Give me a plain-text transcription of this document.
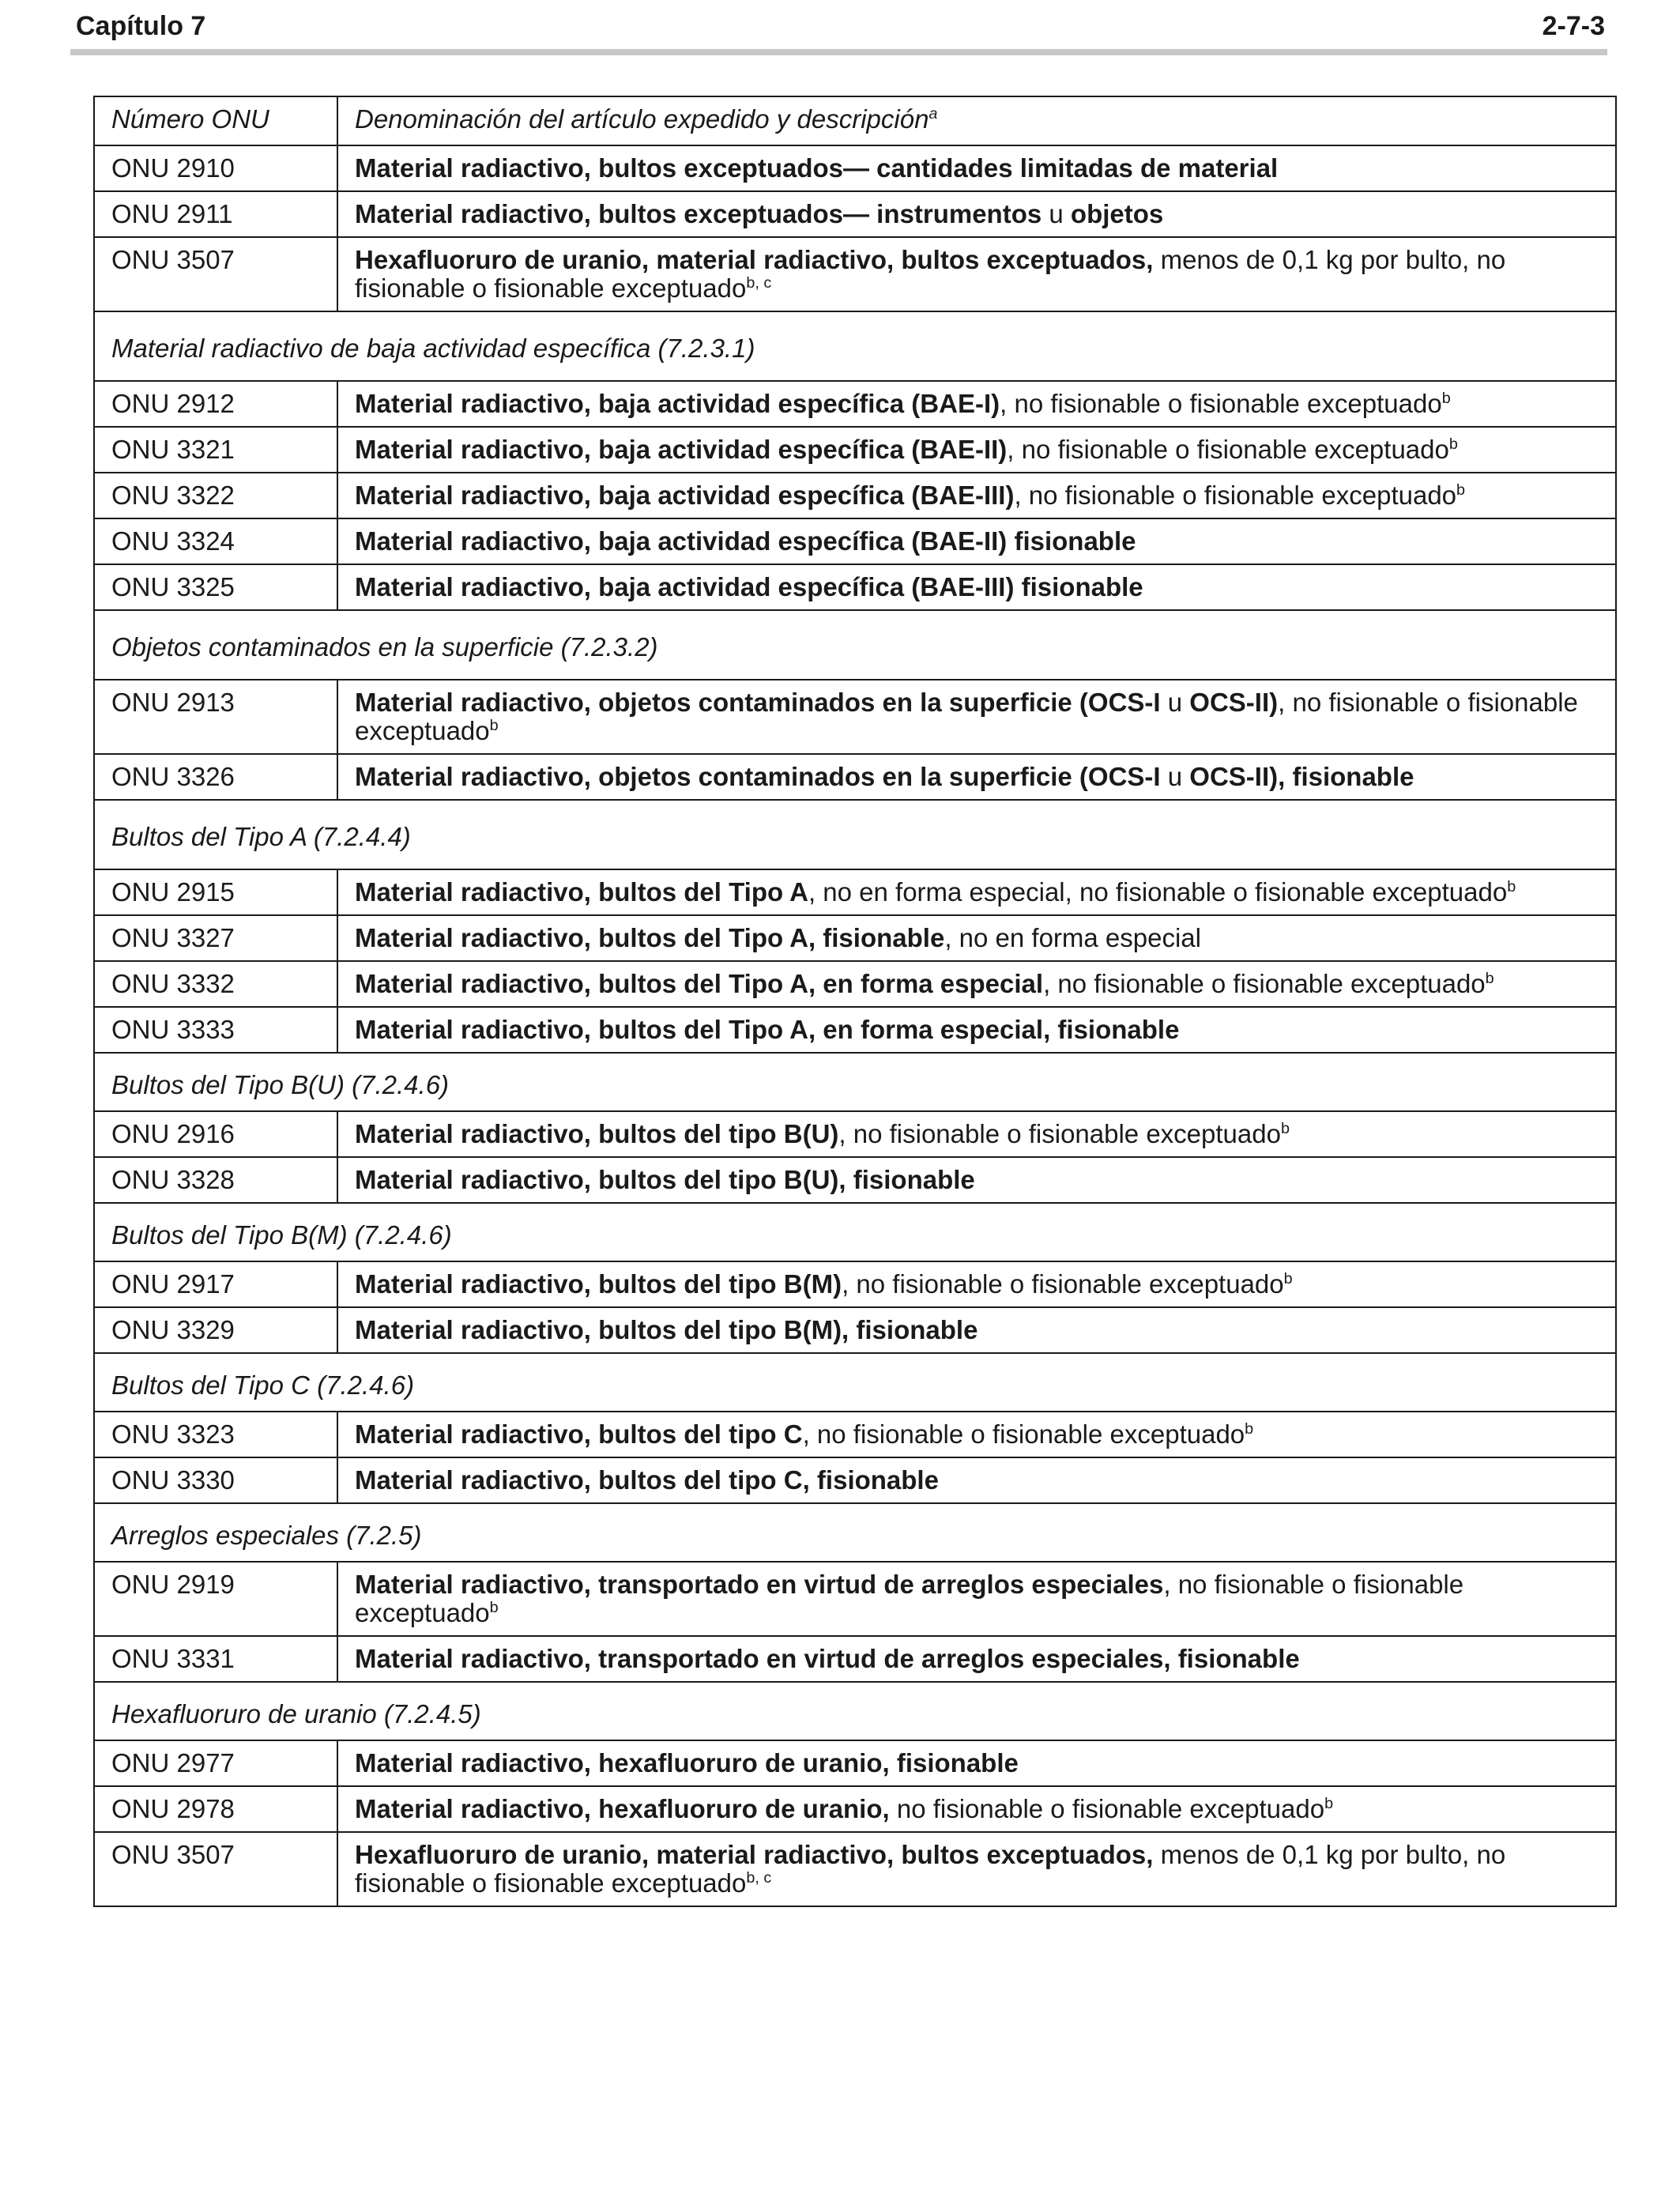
Capítulo 7	2-7-3
Número ONU	Denominación del artículo expedido y descripción$^a$
ONU 2910	Material radiactivo, bultos exceptuados— cantidades limitadas de material
ONU 2911	Material radiactivo, bultos exceptuados— instrumentos u objetos
ONU 3507	Hexafluoruro de uranio, material radiactivo, bultos exceptuados, menos de 0,1 kg por bulto, no fisionable o fisionable exceptuado$^{b, c}$
Material radiactivo de baja actividad específica (7.2.3.1)	
ONU 2912	Material radiactivo, baja actividad específica (BAE-I), no fisionable o fisionable exceptuado$^b$
ONU 3321	Material radiactivo, baja actividad específica (BAE-II), no fisionable o fisionable exceptuado$^b$
ONU 3322	Material radiactivo, baja actividad específica (BAE-III), no fisionable o fisionable exceptuado$^b$
ONU 3324	Material radiactivo, baja actividad específica (BAE-II) fisionable
ONU 3325	Material radiactivo, baja actividad específica (BAE-III) fisionable
Objetos contaminados en la superficie (7.2.3.2)	
ONU 2913	Material radiactivo, objetos contaminados en la superficie (OCS-I u OCS-II), no fisionable o fisionable exceptuado$^b$
ONU 3326	Material radiactivo, objetos contaminados en la superficie (OCS-I u OCS-II), fisionable
Bultos del Tipo A (7.2.4.4)	
ONU 2915	Material radiactivo, bultos del Tipo A, no en forma especial, no fisionable o fisionable exceptuado$^b$
ONU 3327	Material radiactivo, bultos del Tipo A, fisionable, no en forma especial
ONU 3332	Material radiactivo, bultos del Tipo A, en forma especial, no fisionable o fisionable exceptuado$^b$
ONU 3333	Material radiactivo, bultos del Tipo A, en forma especial, fisionable
Bultos del Tipo B(U) (7.2.4.6)	
ONU 2916	Material radiactivo, bultos del tipo B(U), no fisionable o fisionable exceptuado$^b$
ONU 3328	Material radiactivo, bultos del tipo B(U), fisionable
Bultos del Tipo B(M) (7.2.4.6)	
ONU 2917	Material radiactivo, bultos del tipo B(M), no fisionable o fisionable exceptuado$^b$
ONU 3329	Material radiactivo, bultos del tipo B(M), fisionable
Bultos del Tipo C (7.2.4.6)	
ONU 3323	Material radiactivo, bultos del tipo C, no fisionable o fisionable exceptuado$^b$
ONU 3330	Material radiactivo, bultos del tipo C, fisionable
Arreglos especiales (7.2.5)	
ONU 2919	Material radiactivo, transportado en virtud de arreglos especiales, no fisionable o fisionable exceptuado$^b$
ONU 3331	Material radiactivo, transportado en virtud de arreglos especiales, fisionable
Hexafluoruro de uranio (7.2.4.5)	
ONU 2977	Material radiactivo, hexafluoruro de uranio, fisionable
ONU 2978	Material radiactivo, hexafluoruro de uranio, no fisionable o fisionable exceptuado$^b$
ONU 3507	Hexafluoruro de uranio, material radiactivo, bultos exceptuados, menos de 0,1 kg por bulto, no fisionable o fisionable exceptuado$^{b, c}$
